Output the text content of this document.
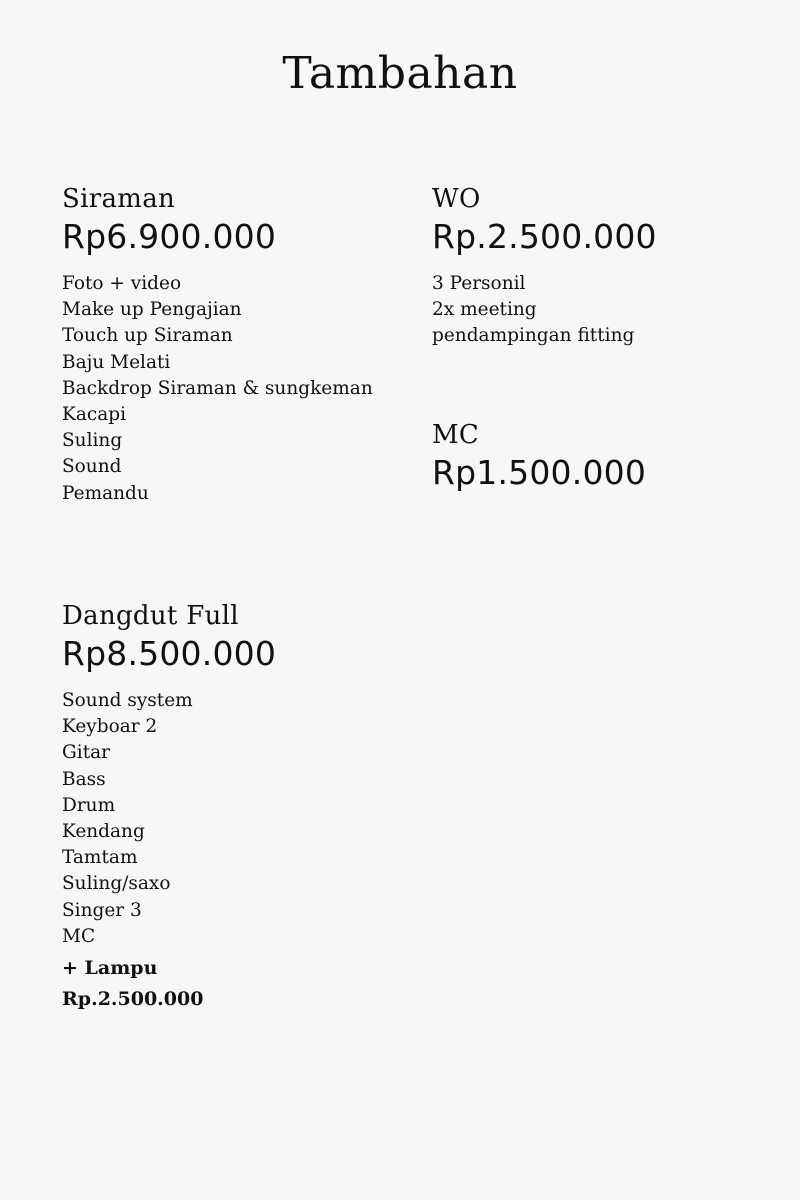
Tambahan
Siraman
Rp6.900.000
Foto + video
Make up Pengajian
Touch up Siraman
Baju Melati
Backdrop Siraman & sungkeman
Kacapi
Suling
Sound
Pemandu
WO
Rp.2.500.000
3 Personil
2x meeting
pendampingan fitting
MC
Rp1.500.000
Dangdut Full
Rp8.500.000
Sound system
Keyboar 2
Gitar
Bass
Drum
Kendang
Tamtam
Suling/saxo
Singer 3
MC
+ Lampu
Rp.2.500.000
